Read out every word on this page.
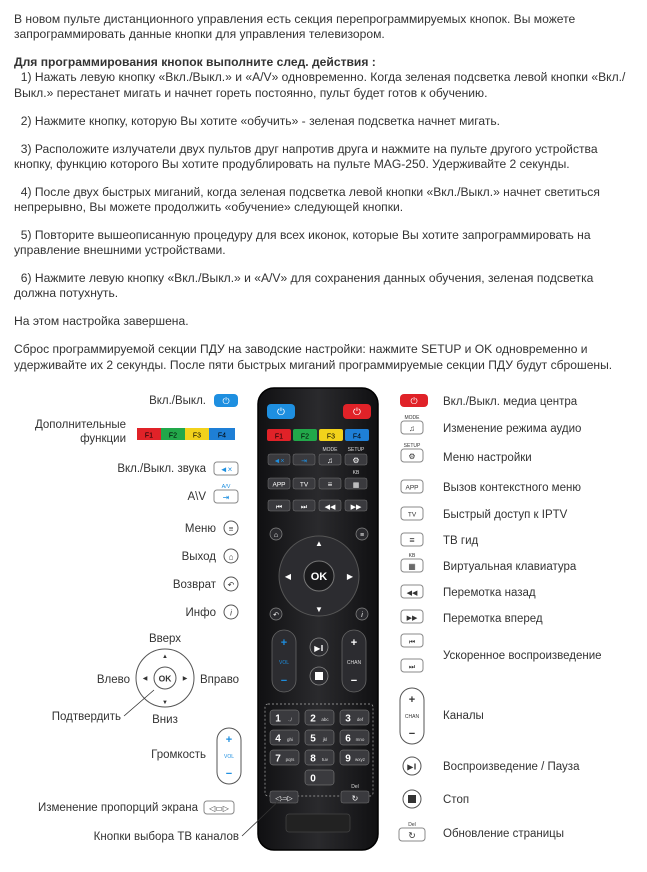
В новом пульте дистанционного управления есть секция перепрограммируемых кнопок. Вы можете

запрограммировать данные кнопки для управления телевизором.

Для программирования кнопок выполните след. действия :

1) Нажать левую кнопку «Вкл./Выкл.» и «A/V» одновременно. Когда зеленая подсветка левой кнопки «Вкл./

Выкл.» перестанет мигать и начнет гореть постоянно, пульт будет готов к обучению.

2) Нажмите кнопку, которую Вы хотите «обучить» - зеленая подсветка начнет мигать.

3) Расположите излучатели двух пультов друг напротив друга и нажмите на пульте другого устройства

кнопку, функцию которого Вы хотите продублировать на пульте MAG-250. Удерживайте 2 секунды.

4) После двух быстрых миганий, когда зеленая подсветка левой кнопки «Вкл./Выкл.» начнет светиться

непрерывно, Вы можете продолжить «обучение» следующей кнопки.

5) Повторите вышеописанную процедуру для всех иконок, которые Вы хотите запрограммировать на

управление внешними устройствами.

6) Нажмите левую кнопку «Вкл./Выкл.» и «A/V» для сохранения данных обучения, зеленая подсветка

должна потухнуть.

На этом настройка завершена.

Сброс программируемой секции ПДУ на заводские настройки: нажмите SETUP и OK одновременно и

удерживайте их 2 секунды. После пяти быстрых миганий программируемые секции ПДУ будут сброшены.

⏻	⏻
F1	F2	F3	F4
MODE SETUP
◄× ⇥	♫ ⚙
KB
APP TV ≡	▦
⏮	⏭ ◀◀ ▶▶
⌂	≡
↶	i
OK
▲
▼
◀	▶
+
VOL
−
+
CHAN
−
▶‖
1 .,/ 2 abc 3 def
4 ghi 5 jkl 6 mno
7 pqrs 8 tuv 9 wxyz
0
Del
◁▭▷	↻
Вкл./Выкл. ⏻
Дополнительные
функции	F1 F2 F3 F4
Вкл./Выкл. звука ◄×
A\V
A/V
⇥
Меню ≡
Выход ⌂
Возврат ↶
Инфо i
Вверх
Влево	Вправо
Вниз
OK
▲
▼
◀	▶
Подтвердить
Громкость
+
VOL
−
Изменение пропорций экрана ◁▭▷
Кнопки выбора ТВ каналов
⏻ Вкл./Выкл. медиа центра
MODE
♫ Изменение режима аудио
SETUP
⚙ Меню настройки
APP Вызов контекстного меню
TV Быстрый доступ к IPTV
≡ ТВ гид
KB
▦ Виртуальная клавиатура
◀◀ Перемотка назад
▶▶ Перемотка вперед
⏮
⏭
Ускоренное воспроизведение
+
CHAN
−
Каналы
▶‖ Воспроизведение / Пауза
Стоп
Del
↻ Обновление страницы
